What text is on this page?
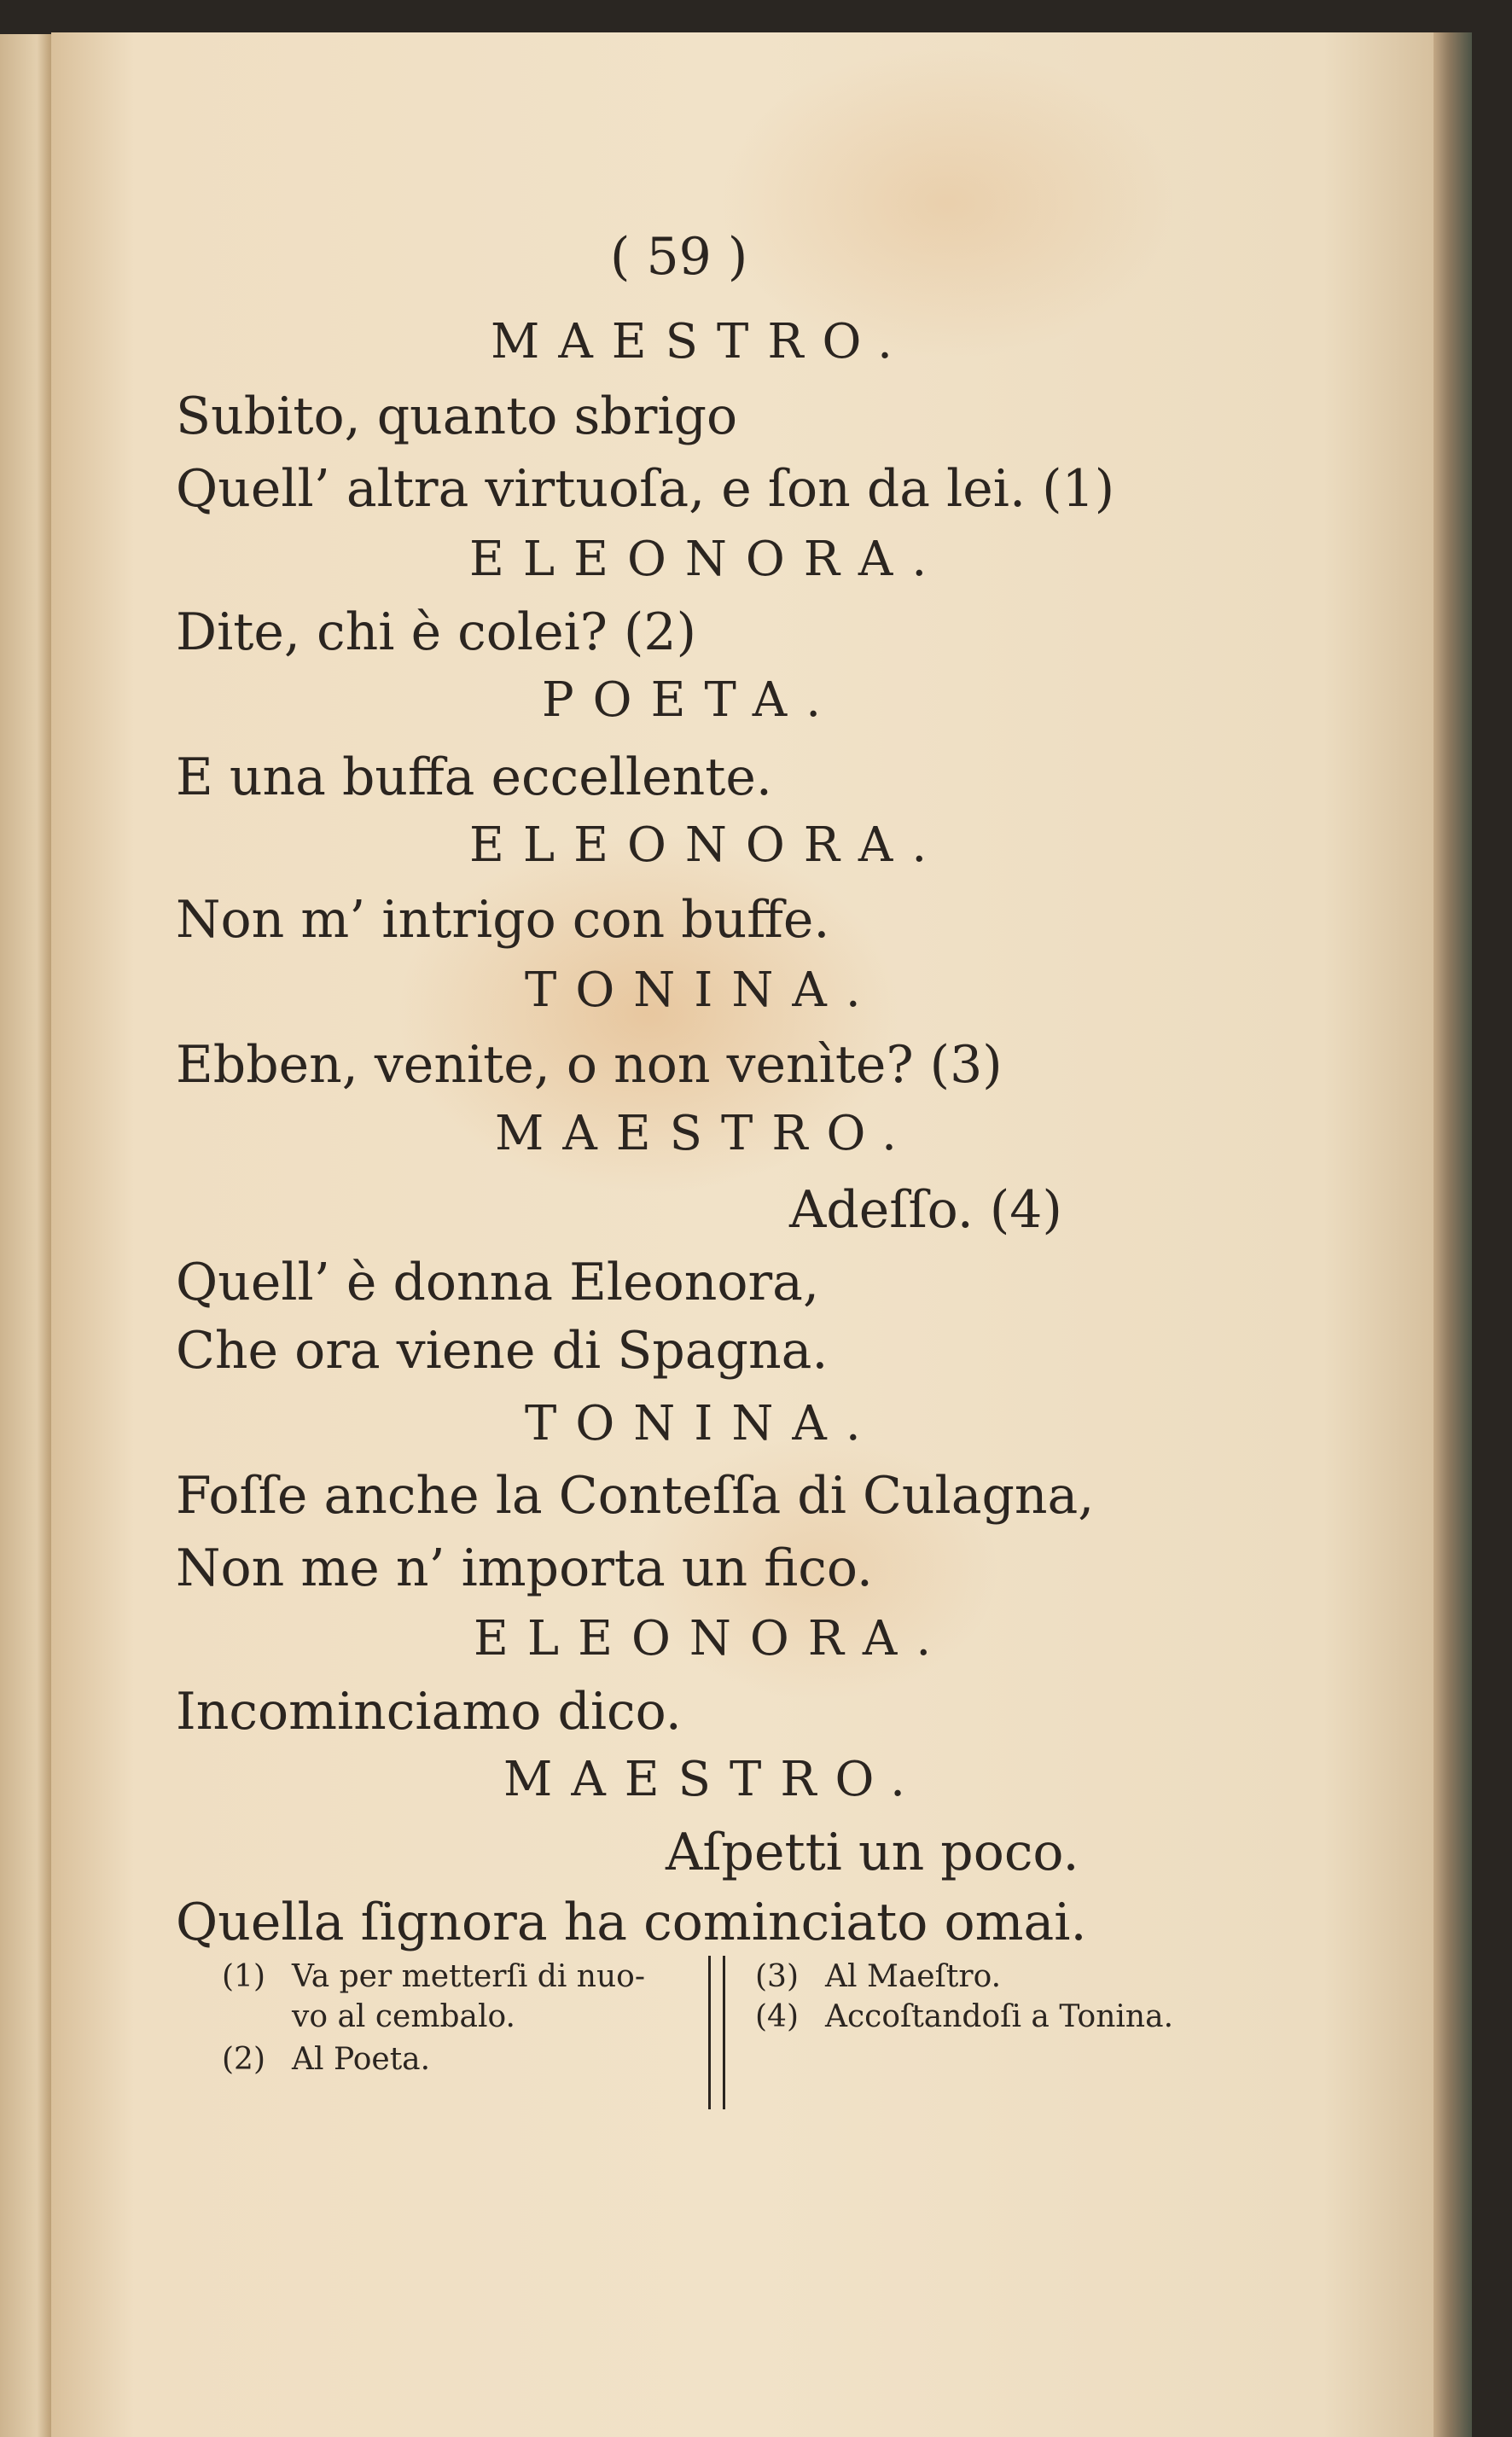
( 59 )

MAESTRO.

Subito, quanto sbrigo

Quell’ altra virtuoſa, e ſon da lei. (1)

ELEONORA.

Dite, chi è colei? (2)

POETA.

E una buffa eccellente.

ELEONORA.

Non m’ intrigo con buffe.

TONINA.

Ebben, venite, o non venìte? (3)

MAESTRO.

Adeſſo. (4)

Quell’ è donna Eleonora,

Che ora viene di Spagna.

TONINA.

Foſſe anche la Conteſſa di Culagna,

Non me n’ importa un fico.

ELEONORA.

Incominciamo dico.

MAESTRO.

Aſpetti un poco.

Quella ſignora ha cominciato omai.

(1) Va per metterſi di nuo-

vo al cembalo.

(2) Al Poeta.

(3) Al Maeſtro.

(4) Accoſtandoſi a Tonina.
